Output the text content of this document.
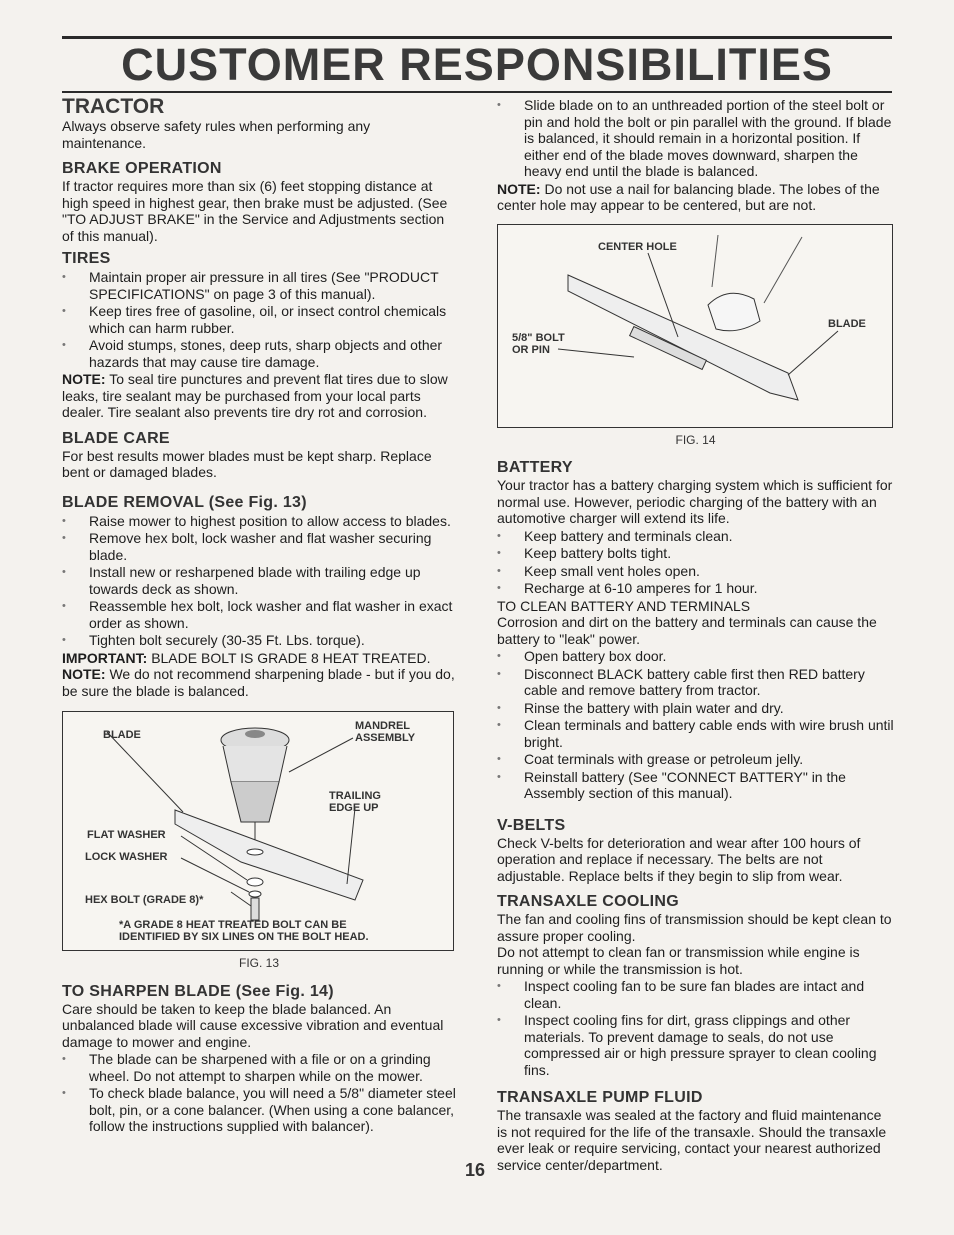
CUSTOMER RESPONSIBILITIES
TRACTOR

Always observe safety rules when performing any maintenance.

BRAKE OPERATION

If tractor requires more than six (6) feet stopping distance at high speed in highest gear, then brake must be adjusted. (See "TO ADJUST BRAKE" in the Service and Adjustments section of this manual).

TIRES
• Maintain proper air pressure in all tires (See "PRODUCT SPECIFICATIONS" on page 3 of this manual).
• Keep tires free of gasoline, oil, or insect control chemicals which can harm rubber.
• Avoid stumps, stones, deep ruts, sharp objects and other hazards that may cause tire damage.

NOTE: To seal tire punctures and prevent flat tires due to slow leaks, tire sealant may be purchased from your local parts dealer. Tire sealant also prevents tire dry rot and corrosion.

BLADE CARE

For best results mower blades must be kept sharp. Replace bent or damaged blades.

BLADE REMOVAL (See Fig. 13)
• Raise mower to highest position to allow access to blades.
• Remove hex bolt, lock washer and flat washer securing blade.
• Install new or resharpened blade with trailing edge up towards deck as shown.
• Reassemble hex bolt, lock washer and flat washer in exact order as shown.
• Tighten bolt securely (30-35 Ft. Lbs. torque).

IMPORTANT: BLADE BOLT IS GRADE 8 HEAT TREATED.

NOTE: We do not recommend sharpening blade - but if you do, be sure the blade is balanced.

BLADE
MANDREL
ASSEMBLY
TRAILING
EDGE UP
FLAT WASHER
LOCK WASHER
HEX BOLT (GRADE 8)*
*A GRADE 8 HEAT TREATED BOLT CAN BE
IDENTIFIED BY SIX LINES ON THE BOLT HEAD.
FIG. 13
TO SHARPEN BLADE (See Fig. 14)

Care should be taken to keep the blade balanced. An unbalanced blade will cause excessive vibration and eventual damage to mower and engine.

• The blade can be sharpened with a file or on a grinding wheel. Do not attempt to sharpen while on the mower.
• To check blade balance, you will need a 5/8" diameter steel bolt, pin, or a cone balancer. (When using a cone balancer, follow the instructions supplied with balancer).
• Slide blade on to an unthreaded portion of the steel bolt or pin and hold the bolt or pin parallel with the ground. If blade is balanced, it should remain in a horizontal position. If either end of the blade moves downward, sharpen the heavy end until the blade is balanced.

NOTE: Do not use a nail for balancing blade. The lobes of the center hole may appear to be centered, but are not.

CENTER HOLE
5/8" BOLT
OR PIN
BLADE
FIG. 14
BATTERY

Your tractor has a battery charging system which is sufficient for normal use. However, periodic charging of the battery with an automotive charger will extend its life.

• Keep battery and terminals clean.
• Keep battery bolts tight.
• Keep small vent holes open.
• Recharge at 6-10 amperes for 1 hour.

TO CLEAN BATTERY AND TERMINALS

Corrosion and dirt on the battery and terminals can cause the battery to "leak" power.

• Open battery box door.
• Disconnect BLACK battery cable first then RED battery cable and remove battery from tractor.
• Rinse the battery with plain water and dry.
• Clean terminals and battery cable ends with wire brush until bright.
• Coat terminals with grease or petroleum jelly.
• Reinstall battery (See "CONNECT BATTERY" in the Assembly section of this manual).
V-BELTS

Check V-belts for deterioration and wear after 100 hours of operation and replace if necessary. The belts are not adjustable. Replace belts if they begin to slip from wear.

TRANSAXLE COOLING

The fan and cooling fins of transmission should be kept clean to assure proper cooling.

Do not attempt to clean fan or transmission while engine is running or while the transmission is hot.

• Inspect cooling fan to be sure fan blades are intact and clean.
• Inspect cooling fins for dirt, grass clippings and other materials. To prevent damage to seals, do not use compressed air or high pressure sprayer to clean cooling fins.
TRANSAXLE PUMP FLUID

The transaxle was sealed at the factory and fluid maintenance is not required for the life of the transaxle. Should the transaxle ever leak or require servicing, contact your nearest authorized service center/department.

16
